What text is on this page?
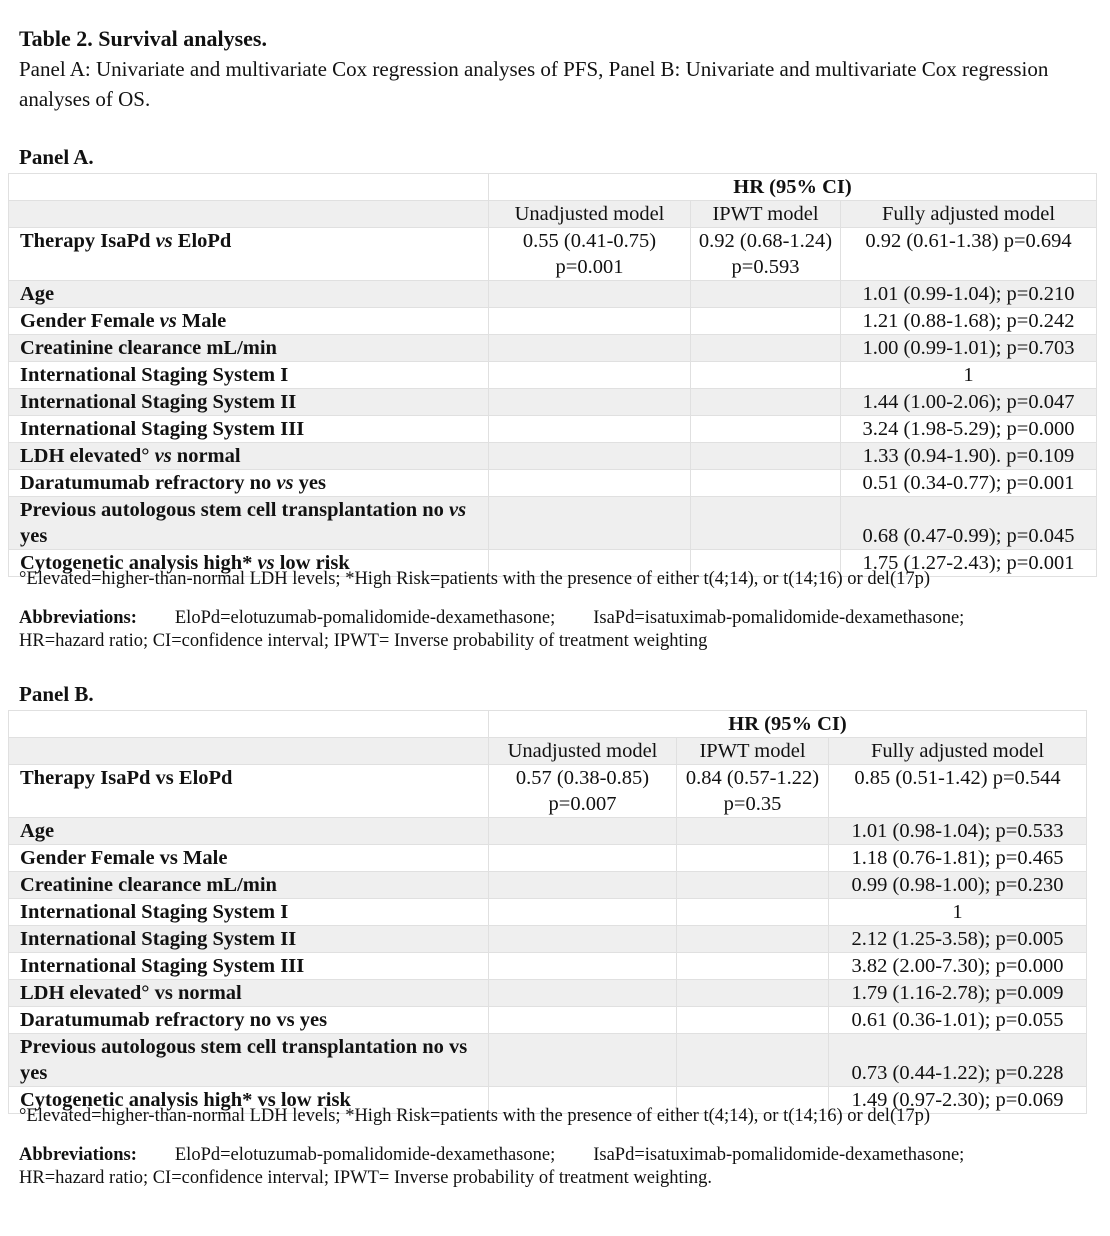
Table 2. Survival analyses.
Panel A: Univariate and multivariate Cox regression analyses of PFS, Panel B: Univariate and multivariate Cox regression analyses of OS.
Panel A.
	HR (95% CI)		
	Unadjusted model	IPWT model	Fully adjusted model
Therapy IsaPd vs EloPd	0.55 (0.41-0.75) p=0.001	0.92 (0.68-1.24) p=0.593	0.92 (0.61-1.38) p=0.694
Age			1.01 (0.99-1.04); p=0.210
Gender Female vs Male			1.21 (0.88-1.68); p=0.242
Creatinine clearance mL/min			1.00 (0.99-1.01); p=0.703
International Staging System I			1
International Staging System II			1.44 (1.00-2.06); p=0.047
International Staging System III			3.24 (1.98-5.29); p=0.000
LDH elevated° vs normal			1.33 (0.94-1.90). p=0.109
Daratumumab refractory no vs yes			0.51 (0.34-0.77); p=0.001
Previous autologous stem cell transplantation no vs yes			0.68 (0.47-0.99); p=0.045
Cytogenetic analysis high* vs low risk			1.75 (1.27-2.43); p=0.001
°Elevated=higher-than-normal LDH levels; *High Risk=patients with the presence of either t(4;14), or t(14;16) or del(17p)
Abbreviations: EloPd=elotuzumab-pomalidomide-dexamethasone; IsaPd=isatuximab-pomalidomide-dexamethasone;
HR=hazard ratio; CI=confidence interval; IPWT= Inverse probability of treatment weighting
Panel B.
	HR (95% CI)		
	Unadjusted model	IPWT model	Fully adjusted model
Therapy IsaPd vs EloPd	0.57 (0.38-0.85) p=0.007	0.84 (0.57-1.22) p=0.35	0.85 (0.51-1.42) p=0.544
Age			1.01 (0.98-1.04); p=0.533
Gender Female vs Male			1.18 (0.76-1.81); p=0.465
Creatinine clearance mL/min			0.99 (0.98-1.00); p=0.230
International Staging System I			1
International Staging System II			2.12 (1.25-3.58); p=0.005
International Staging System III			3.82 (2.00-7.30); p=0.000
LDH elevated° vs normal			1.79 (1.16-2.78); p=0.009
Daratumumab refractory no vs yes			0.61 (0.36-1.01); p=0.055
Previous autologous stem cell transplantation no vs yes			0.73 (0.44-1.22); p=0.228
Cytogenetic analysis high* vs low risk			1.49 (0.97-2.30); p=0.069
°Elevated=higher-than-normal LDH levels; *High Risk=patients with the presence of either t(4;14), or t(14;16) or del(17p)
Abbreviations: EloPd=elotuzumab-pomalidomide-dexamethasone; IsaPd=isatuximab-pomalidomide-dexamethasone;
HR=hazard ratio; CI=confidence interval; IPWT= Inverse probability of treatment weighting.
